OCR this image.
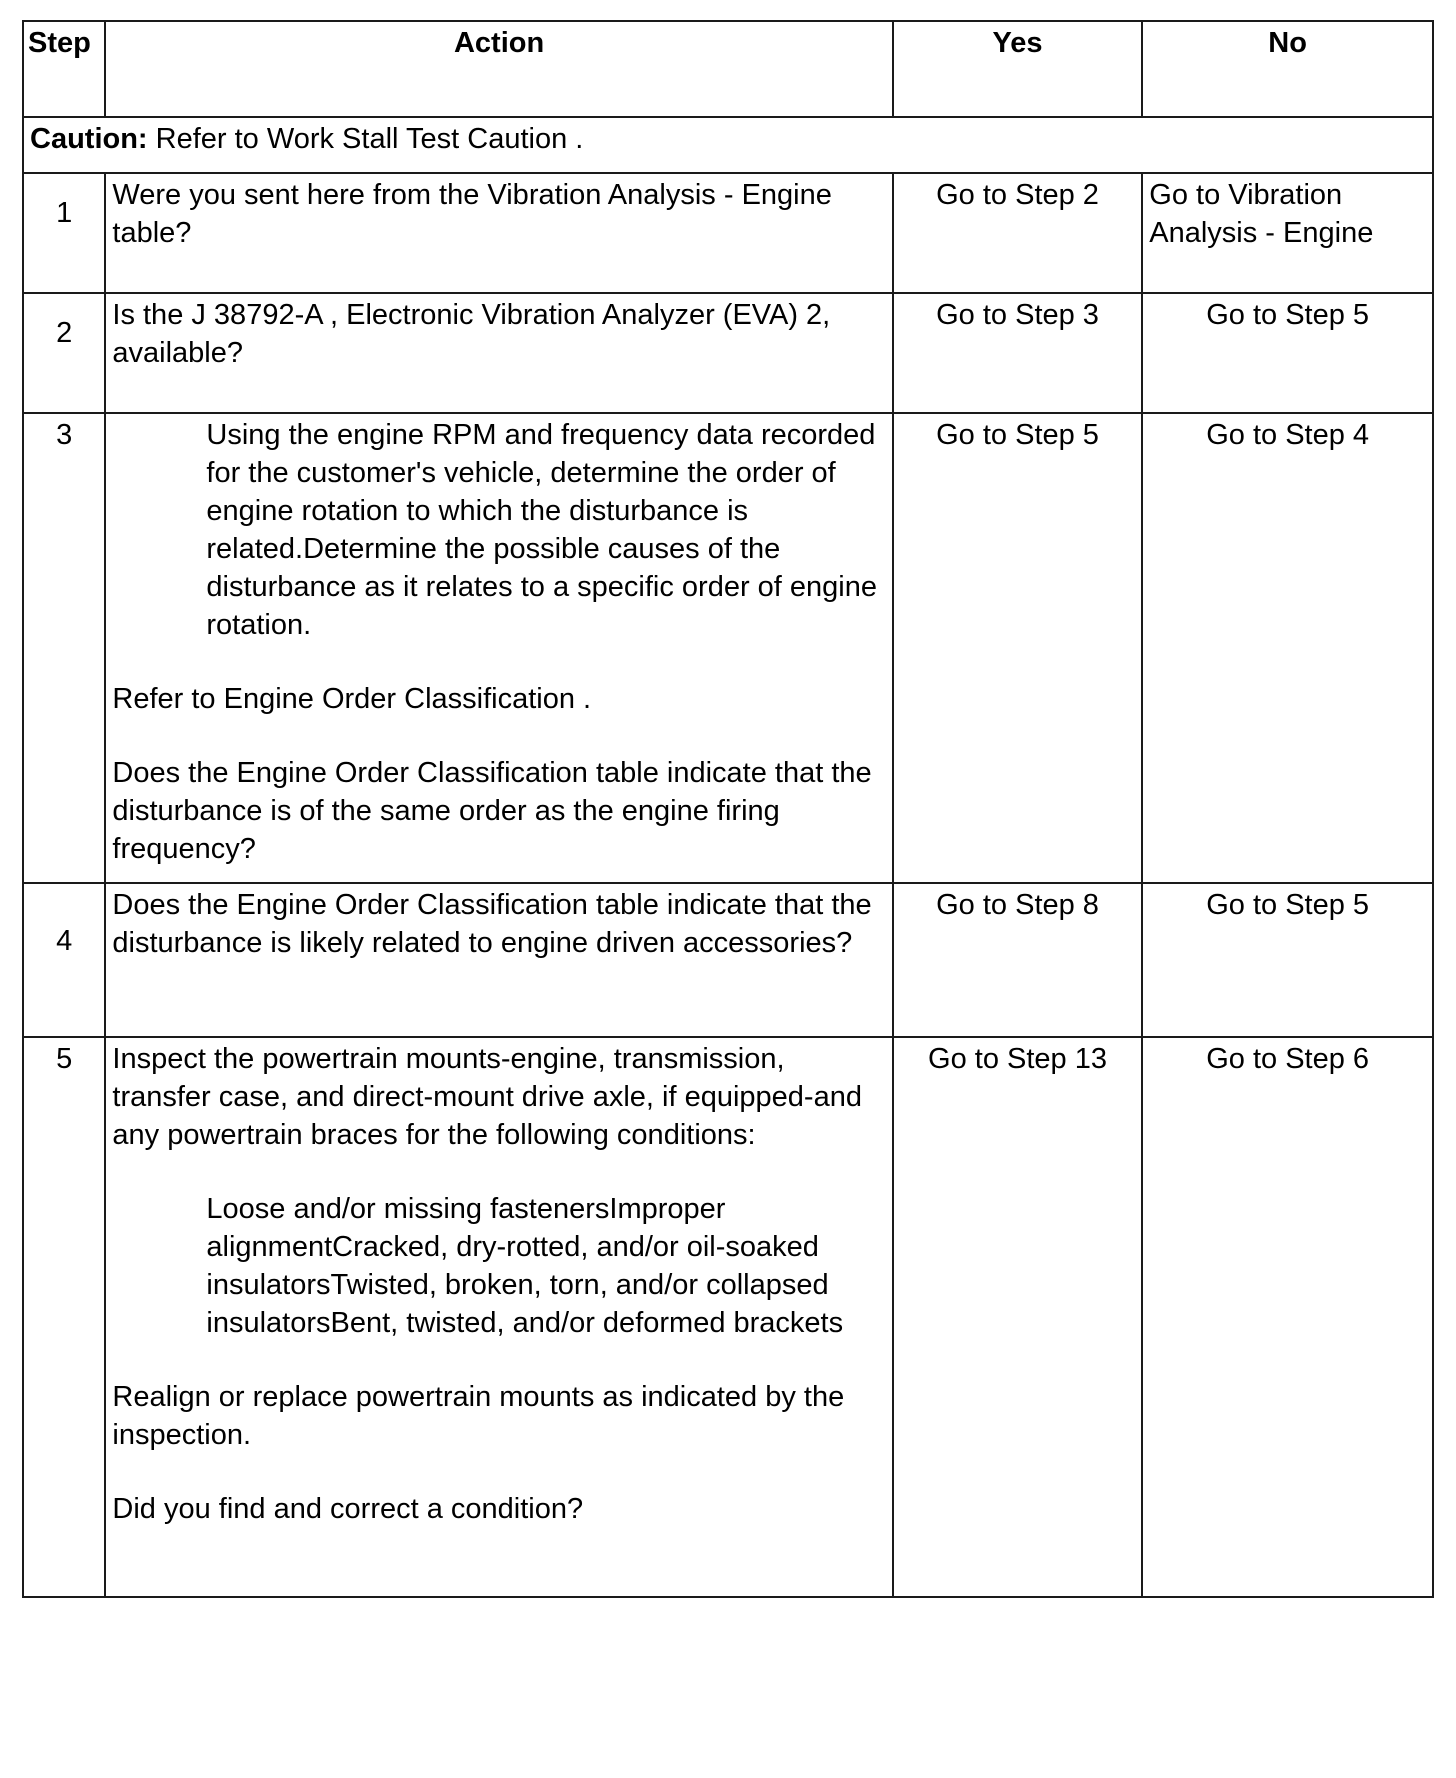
Step	Action	Yes	No
Caution: Refer to Work Stall Test Caution .			
1	Were you sent here from the Vibration Analysis - Engine table?	Go to Step 2	Go to Vibration Analysis - Engine
2	Is the J 38792-A , Electronic Vibration Analyzer (EVA) 2, available?	Go to Step 3	Go to Step 5
3	Using the engine RPM and frequency data recorded for the customer's vehicle, determine the order of engine rotation to which the disturbance is related.Determine the possible causes of the disturbance as it relates to a specific order of engine rotation.

Refer to Engine Order Classification .

Does the Engine Order Classification table indicate that the disturbance is of the same order as the engine firing frequency?	Go to Step 5	Go to Step 4
4	Does the Engine Order Classification table indicate that the disturbance is likely related to engine driven accessories?	Go to Step 8	Go to Step 5
5	Inspect the powertrain mounts-engine, transmission, transfer case, and direct-mount drive axle, if equipped-and any powertrain braces for the following conditions:

Loose and/or missing fastenersImproper alignmentCracked, dry-rotted, and/or oil-soaked insulatorsTwisted, broken, torn, and/or collapsed insulatorsBent, twisted, and/or deformed brackets

Realign or replace powertrain mounts as indicated by the inspection.

Did you find and correct a condition?	Go to Step 13	Go to Step 6
